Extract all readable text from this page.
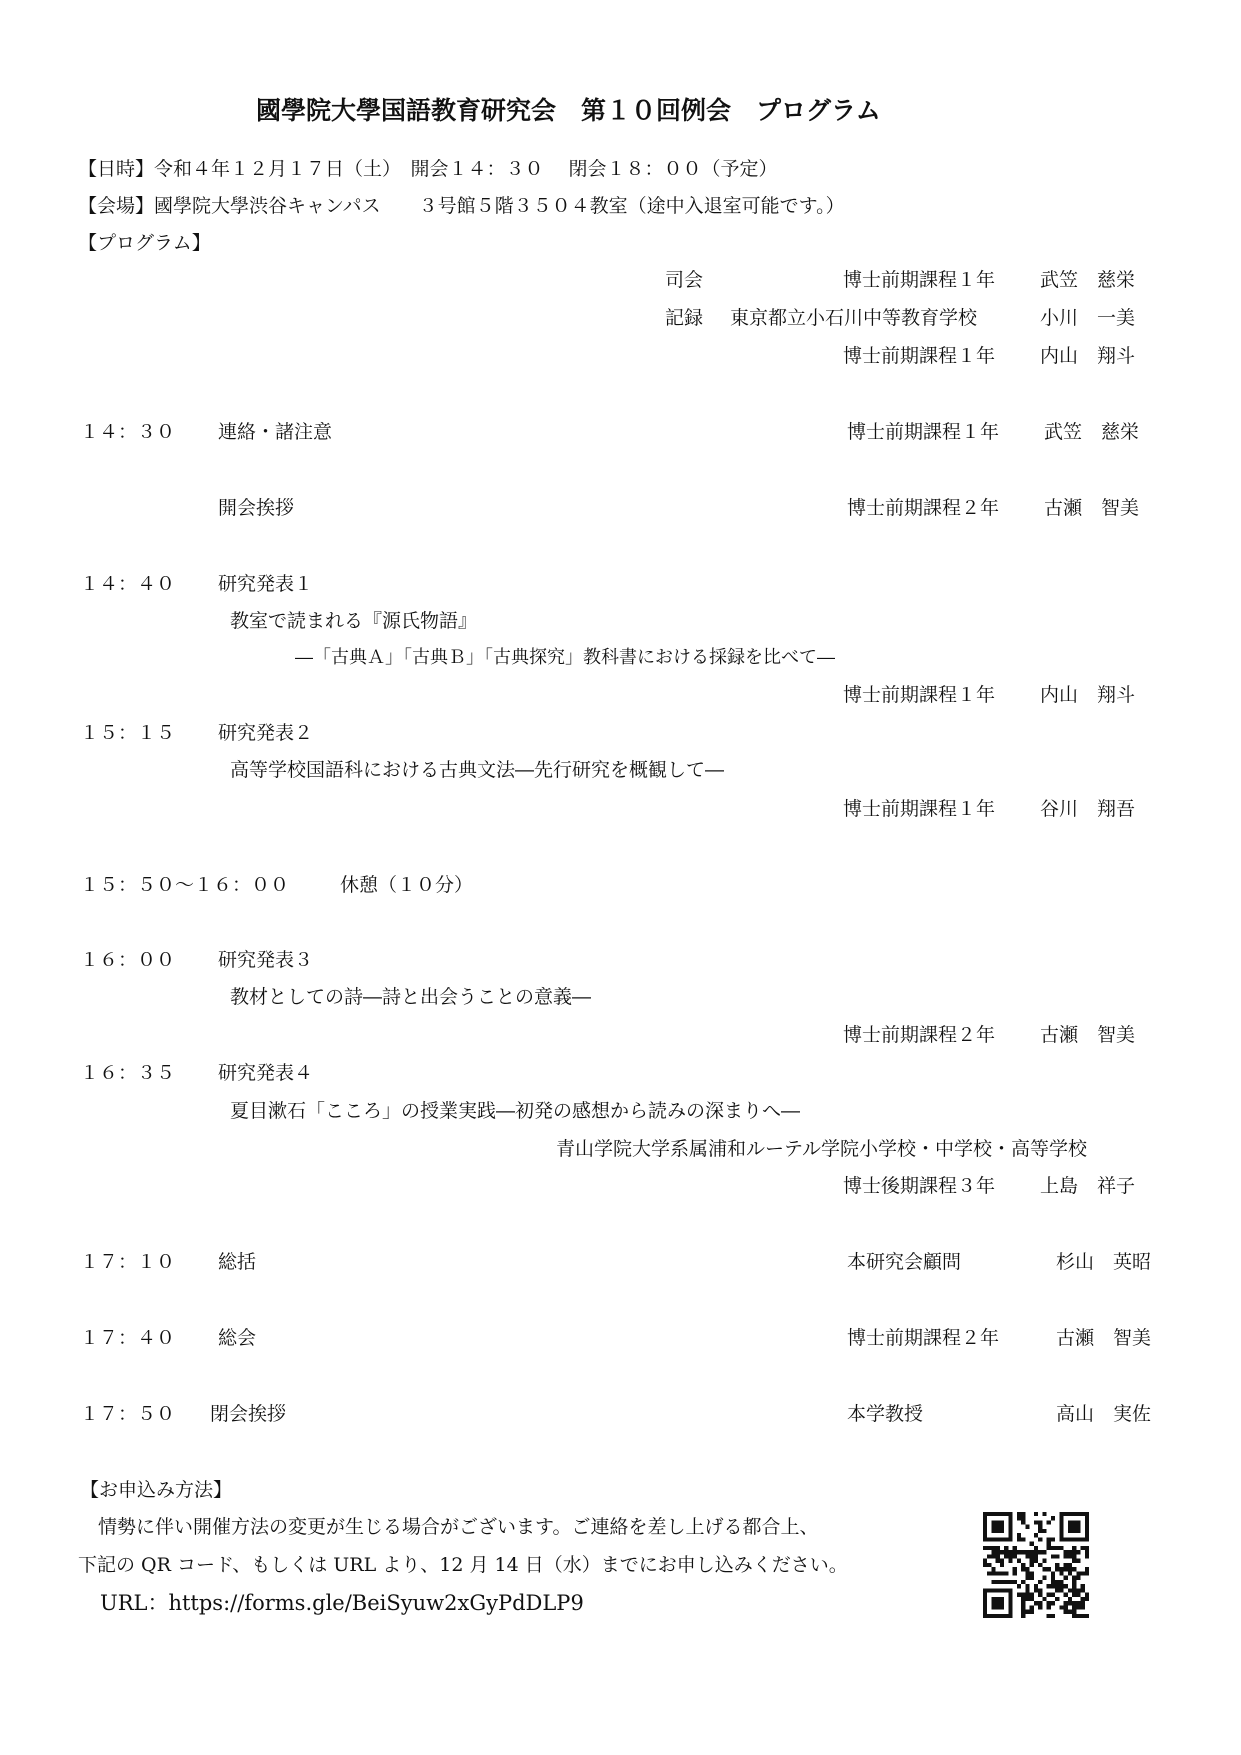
國學院大學国語教育研究会　第１０回例会　プログラム
【日時】令和４年１２月１７日（土）　開会１４：３０　 閉会１８：００（予定）
【会場】國學院大學渋谷キャンパス　　３号館５階３５０４教室（途中入退室可能です。）
【プログラム】
司会	博士前期課程１年 武笠　慈栄
記録 東京都立小石川中等教育学校	小川　一美
博士前期課程１年 内山　翔斗
１４：３０ 連絡・諸注意	博士前期課程１年 武笠　慈栄
開会挨拶	博士前期課程２年 古瀬　智美
１４：４０ 研究発表１
教室で読まれる『源氏物語』
―「古典Ａ」「古典Ｂ」「古典探究」教科書における採録を比べて―
博士前期課程１年 内山　翔斗
１５：１５ 研究発表２
高等学校国語科における古典文法―先行研究を概観して―
博士前期課程１年 谷川　翔吾
１５：５０～１６：００	休憩（１０分）
１６：００ 研究発表３
教材としての詩―詩と出会うことの意義―
博士前期課程２年 古瀬　智美
１６：３５ 研究発表４
夏目漱石「こころ」の授業実践―初発の感想から読みの深まりへ―
青山学院大学系属浦和ルーテル学院小学校・中学校・高等学校
博士後期課程３年 上島　祥子
１７：１０ 総括	本研究会顧問	杉山　英昭
１７：４０ 総会	博士前期課程２年	古瀬　智美
１７：５０ 閉会挨拶	本学教授	高山　実佐
【お申込み方法】
情勢に伴い開催方法の変更が生じる場合がございます。ご連絡を差し上げる都合上、
下記の QR コード、もしくは URL より、12 月 14 日（水）までにお申し込みください。
URL：https://forms.gle/BeiSyuw2xGyPdDLP9
